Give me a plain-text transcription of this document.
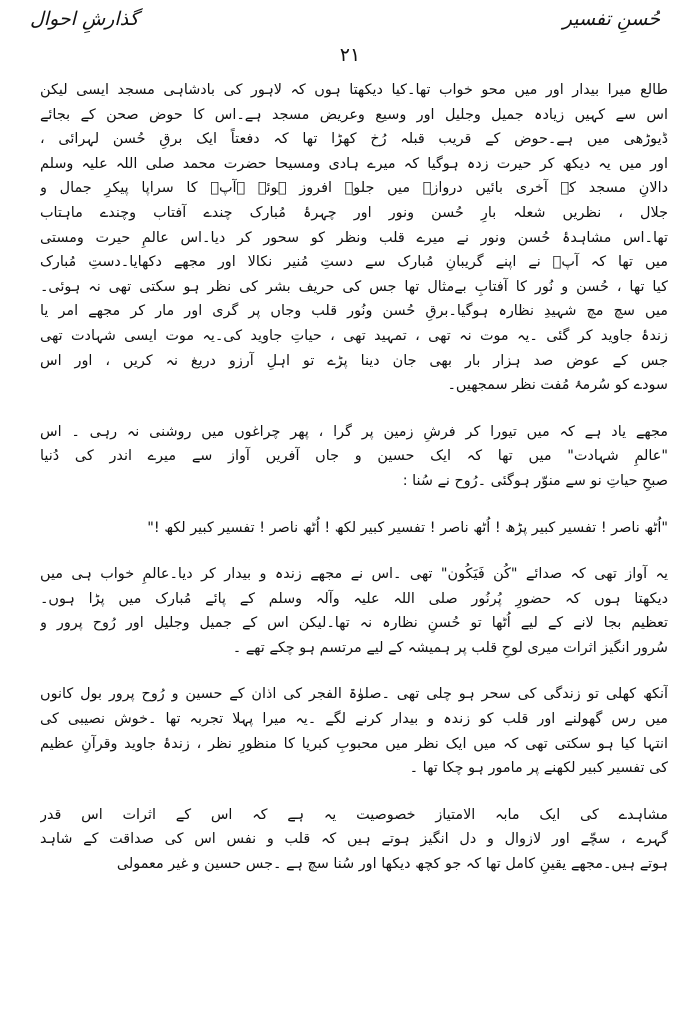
حُسنِ تفسیر
گذارشِ احوال
٢١
طالع میرا بیدار اور میں محو خواب تھا۔کیا دیکھتا ہوں کہ لاہور کی بادشاہی مسجد ایسی لیکن
اس سے کہیں زیادہ جمیل وجلیل اور وسیع وعریض مسجد ہے۔اس کا حوض صحن کے بجائے
ڈیوڑھی میں ہے۔حوض کے قریب قبلہ رُخ کھڑا تھا کہ دفعتاً ایک برقِ حُسن لہرائی ،
اور میں یہ دیکھ کر حیرت زدہ ہوگیا کہ میرے ہادی ومسیحا حضرت محمد صلی اللہ علیہ وسلم
دالانِ مسجد کے آخری بائیں دروازے میں جلوہ افروز ہوئے ۔آپؐ کا سراپا پیکرِ جمال و
جلال ، نظریں شعلہ بارِ حُسن ونور اور چہرۂ مُبارک چندے آفتاب وچندے ماہتاب
تھا۔اس مشاہدۂ حُسن ونور نے میرے قلب ونظر کو سحور کر دیا۔اس عالمِ حیرت ومستی
میں تھا کہ آپؐ نے اپنے گریبانِ مُبارک سے دستِ مُنیر نکالا اور مجھے دکھایا۔دستِ مُبارک
کیا تھا ، حُسن و نُور کا آفتابِ بےمثال تھا جس کی حریف بشر کی نظر ہو سکتی تھی نہ ہوئی۔
میں سچ مچ شہیدِ نظارہ ہوگیا۔برقِ حُسن ونُور قلب وجاں پر گری اور مار کر مجھے امر یا
زندۂ جاوید کر گئی ۔یہ موت نہ تھی ، تمہید تھی ، حیاتِ جاوید کی۔یہ موت ایسی شہادت تھی
جس کے عوض صد ہزار بار بھی جان دینا پڑے تو اہلِ آرزو دریغ نہ کریں ، اور اس
سودے کو سُرمۂ مُفت نظر سمجھیں۔
مجھے یاد ہے کہ میں تیورا کر فرشِ زمین پر گرا ، پھر چراغوں میں روشنی نہ رہی ۔ اس
"عالمِ شہادت" میں تھا کہ ایک حسین و جاں آفریں آواز سے میرے اندر کی دُنیا
صبحِ حیاتِ نو سے منوّر ہوگئی ۔رُوح نے سُنا :
"اُٹھ ناصر ! تفسیر کبیر پڑھ ! اُٹھ ناصر ! تفسیر کبیر لکھ ! اُٹھ ناصر ! تفسیر کبیر لکھ !"
یہ آواز تھی کہ صدائے "کُن فَیَکُون" تھی ۔اس نے مجھے زندہ و بیدار کر دیا۔عالمِ خواب ہی میں
دیکھتا ہوں کہ حضورِ پُرنُور صلی اللہ علیہ وآلہ وسلم کے پائے مُبارک میں پڑا ہوں۔
تعظیم بجا لانے کے لیے اُٹھا تو حُسنِ نظارہ نہ تھا۔لیکن اس کے جمیل وجلیل اور رُوح پرور و
سُرور انگیز اثرات میری لوحِ قلب پر ہمیشہ کے لیے مرتسم ہو چکے تھے ۔
آنکھ کھلی تو زندگی کی سحر ہو چلی تھی ۔صلوٰۃ الفجر کی اذان کے حسین و رُوح پرور بول کانوں
میں رس گھولنے اور قلب کو زندہ و بیدار کرنے لگے ۔یہ میرا پہلا تجربہ تھا ۔خوش نصیبی کی
انتہا کیا ہو سکتی تھی کہ میں ایک نظر میں محبوبِ کبریا کا منظورِ نظر ، زندۂ جاوید وقرآنِ عظیم
کی تفسیر کبیر لکھنے پر مامور ہو چکا تھا ۔
مشاہدے کی ایک مابہ الامتیاز خصوصیت یہ ہے کہ اس کے اثرات اس قدر
گہرے ، سچّے اور لازوال و دل انگیز ہوتے ہیں کہ قلب و نفس اس کی صداقت کے شاہد
ہوتے ہیں۔مجھے یقینِ کامل تھا کہ جو کچھ دیکھا اور سُنا سچ ہے ۔جس حسین و غیر معمولی
